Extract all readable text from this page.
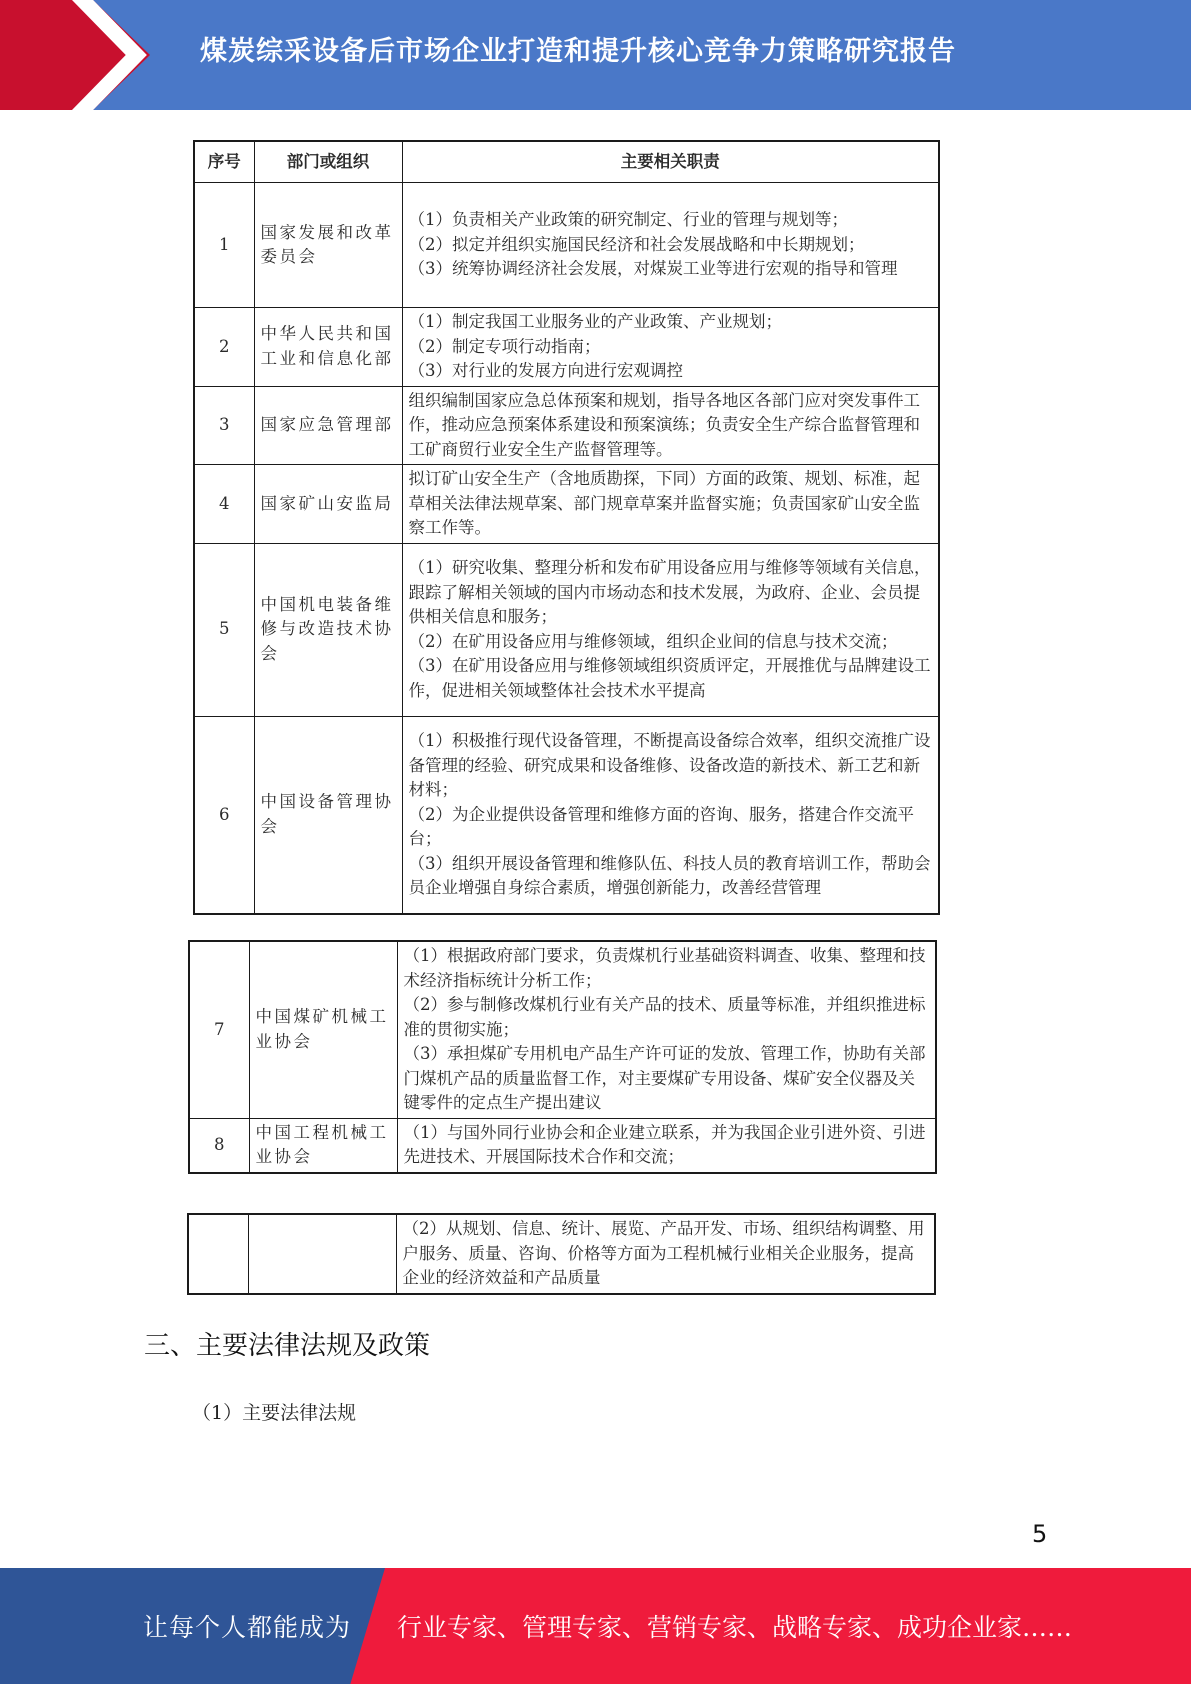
煤炭综采设备后市场企业打造和提升核心竞争力策略研究报告
序号	部门或组织	主要相关职责
1	国家发展和改革委员会	（1）负责相关产业政策的研究制定、行业的管理与规划等；
（2）拟定并组织实施国民经济和社会发展战略和中长期规划；
（3）统筹协调经济社会发展，对煤炭工业等进行宏观的指导和管理

2	中华人民共和国工业和信息化部	（1）制定我国工业服务业的产业政策、产业规划；
（2）制定专项行动指南；
（3）对行业的发展方向进行宏观调控

3	国家应急管理部	组织编制国家应急总体预案和规划，指导各地区各部门应对突发事件工作，推动应急预案体系建设和预案演练；负责安全生产综合监督管理和工矿商贸行业安全生产监督管理等。

4	国家矿山安监局	拟订矿山安全生产（含地质勘探，下同）方面的政策、规划、标准，起草相关法律法规草案、部门规章草案并监督实施；负责国家矿山安全监察工作等。

5	中国机电装备维修与改造技术协会	（1）研究收集、整理分析和发布矿用设备应用与维修等领域有关信息，跟踪了解相关领域的国内市场动态和技术发展，为政府、企业、会员提供相关信息和服务；
（2）在矿用设备应用与维修领域，组织企业间的信息与技术交流；
（3）在矿用设备应用与维修领域组织资质评定，开展推优与品牌建设工作，促进相关领域整体社会技术水平提高

6	中国设备管理协会	（1）积极推行现代设备管理，不断提高设备综合效率，组织交流推广设备管理的经验、研究成果和设备维修、设备改造的新技术、新工艺和新材料；
（2）为企业提供设备管理和维修方面的咨询、服务，搭建合作交流平台；
（3）组织开展设备管理和维修队伍、科技人员的教育培训工作，帮助会员企业增强自身综合素质，增强创新能力，改善经营管理
7	中国煤矿机械工业协会	（1）根据政府部门要求，负责煤机行业基础资料调查、收集、整理和技术经济指标统计分析工作；
（2）参与制修改煤机行业有关产品的技术、质量等标准，并组织推进标准的贯彻实施；
（3）承担煤矿专用机电产品生产许可证的发放、管理工作，协助有关部门煤机产品的质量监督工作，对主要煤矿专用设备、煤矿安全仪器及关键零件的定点生产提出建议

8	中国工程机械工业协会	（1）与国外同行业协会和企业建立联系，并为我国企业引进外资、引进先进技术、开展国际技术合作和交流；

（2）从规划、信息、统计、展览、产品开发、市场、组织结构调整、用户服务、质量、咨询、价格等方面为工程机械行业相关企业服务，提高企业的经济效益和产品质量
三、主要法律法规及政策
（1）主要法律法规
5
让每个人都能成为 行业专家、管理专家、营销专家、战略专家、成功企业家……
